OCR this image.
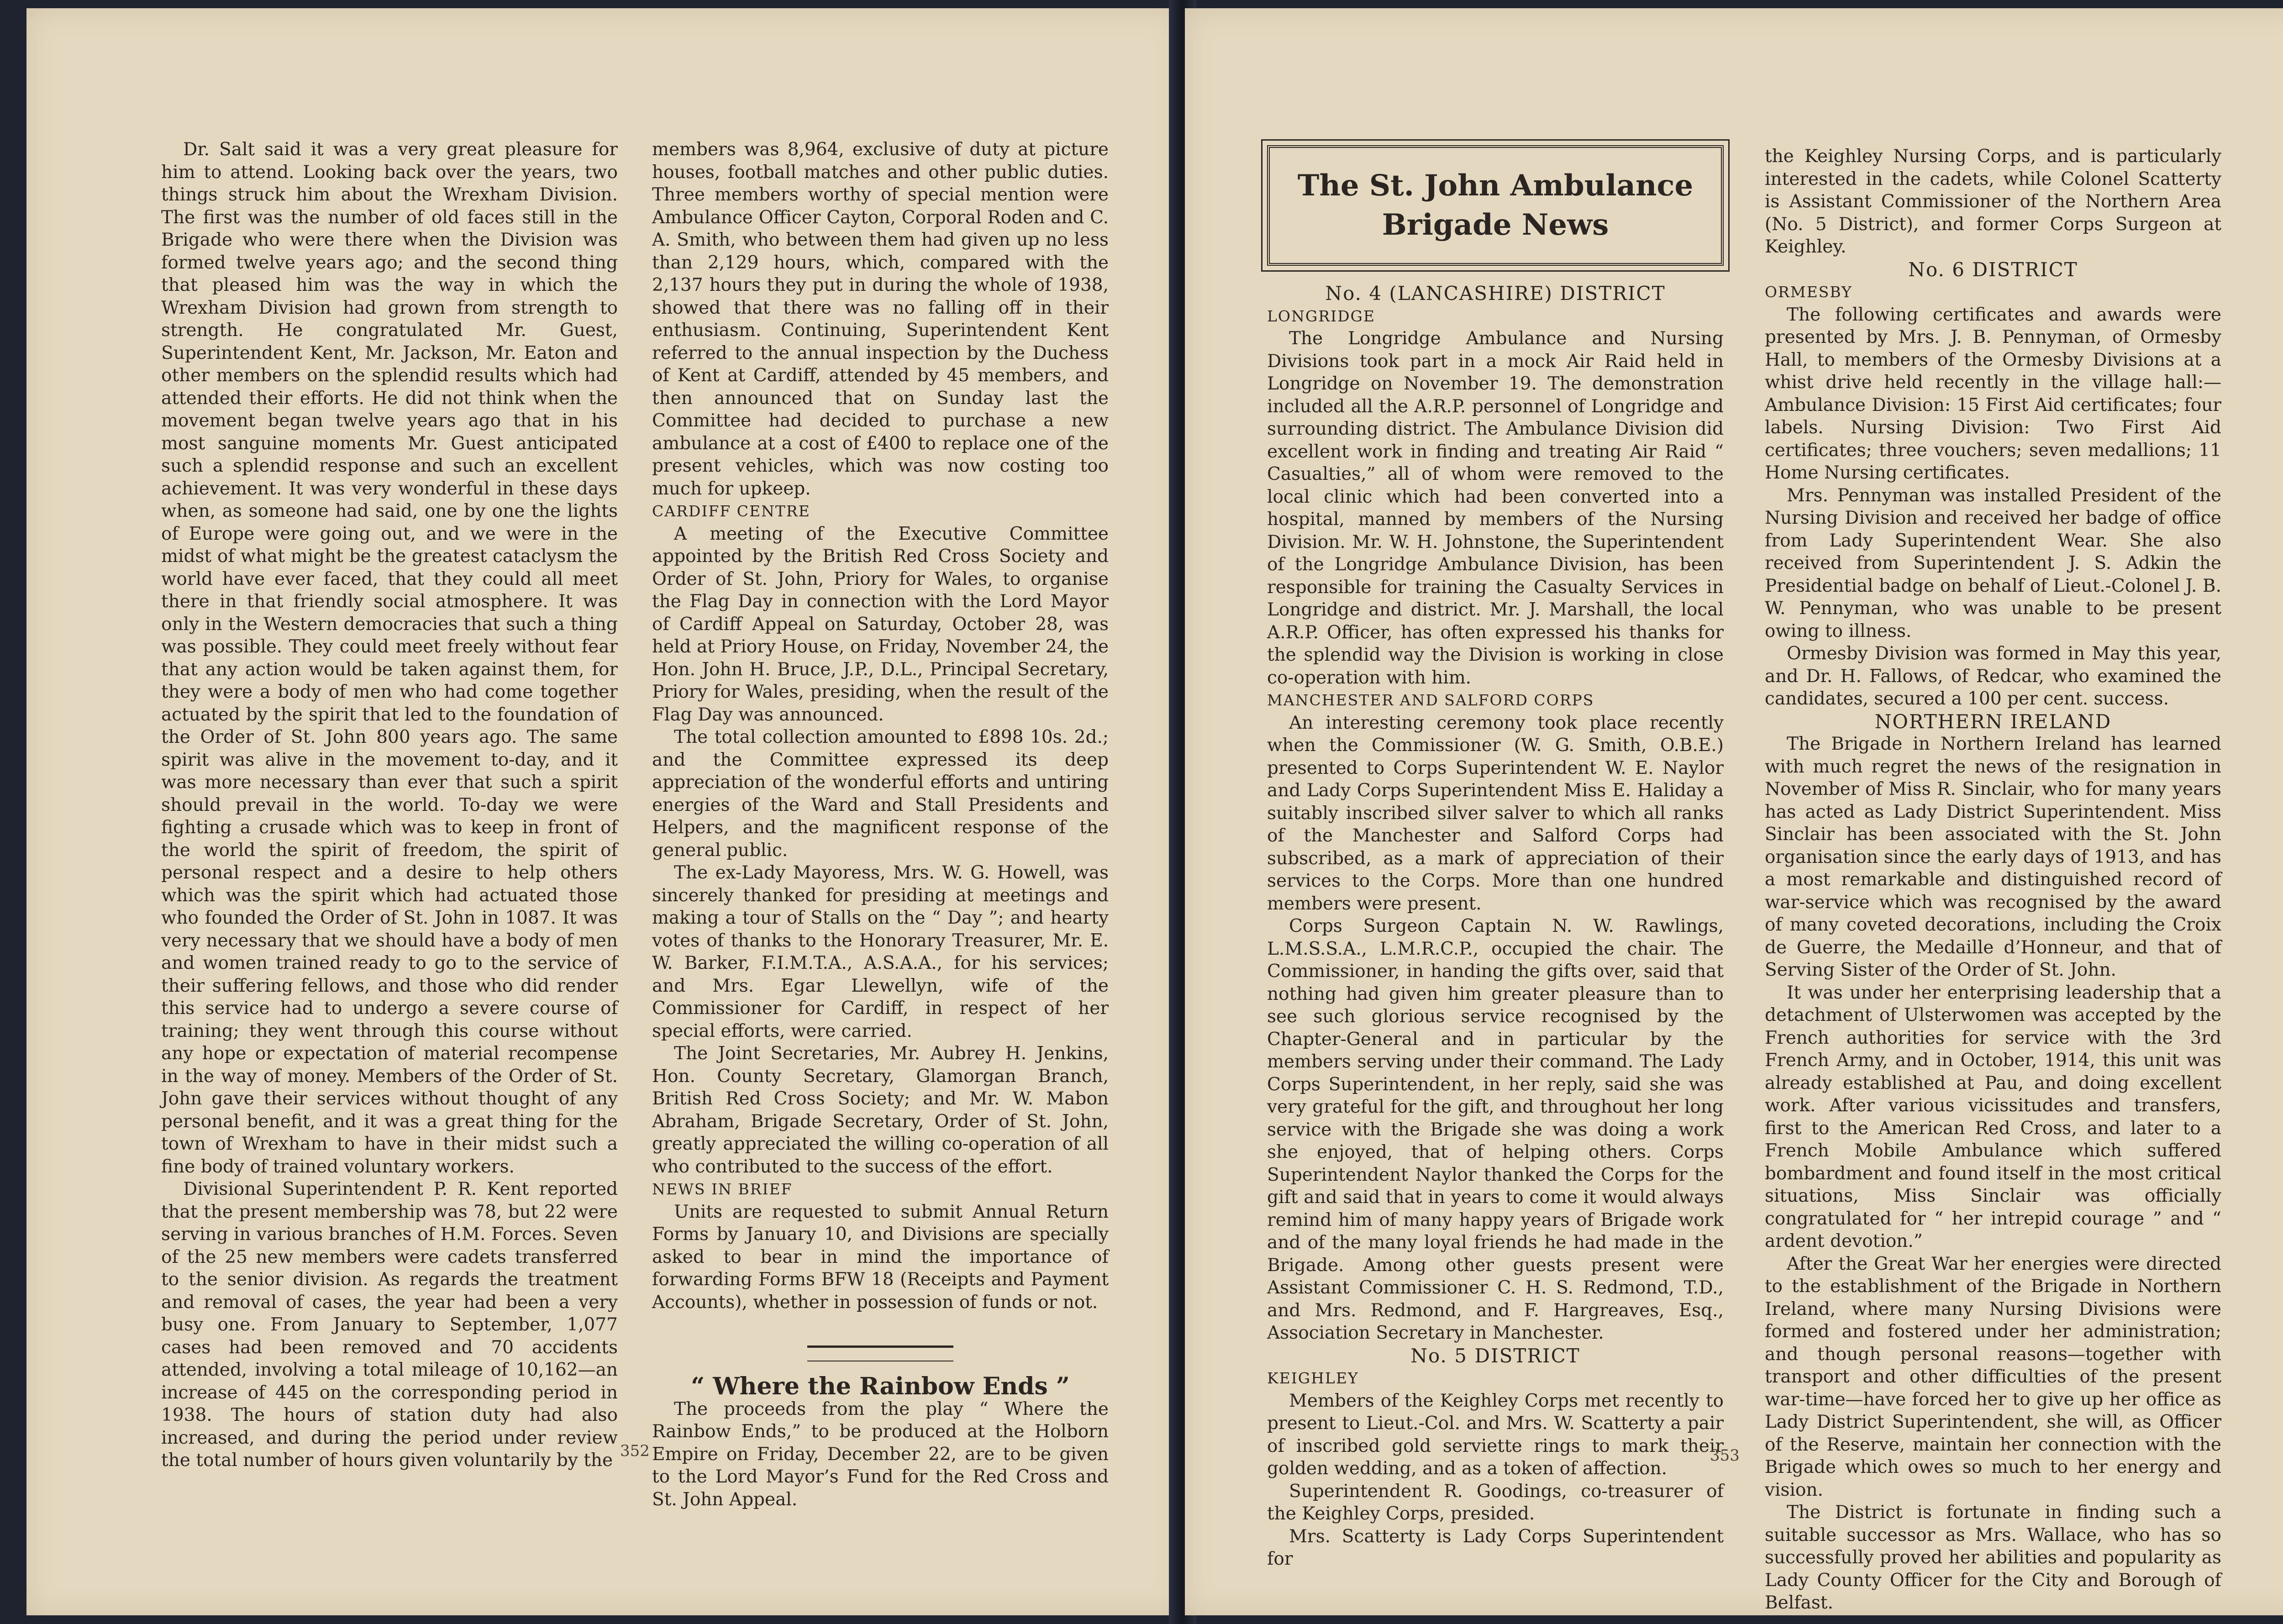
Dr. Salt said it was a very great pleasure for him to attend. Looking back over the years, two things struck him about the Wrexham Division. The first was the number of old faces still in the Brigade who were there when the Division was formed twelve years ago; and the second thing that pleased him was the way in which the Wrexham Division had grown from strength to strength. He congratulated Mr. Guest, Superintendent Kent, Mr. Jackson, Mr. Eaton and other members on the splendid results which had attended their efforts. He did not think when the movement began twelve years ago that in his most sanguine moments Mr. Guest anticipated such a splendid response and such an excellent achievement. It was very wonderful in these days when, as someone had said, one by one the lights of Europe were going out, and we were in the midst of what might be the greatest cataclysm the world have ever faced, that they could all meet there in that friendly social atmosphere. It was only in the Western democracies that such a thing was possible. They could meet freely without fear that any action would be taken against them, for they were a body of men who had come together actuated by the spirit that led to the foundation of the Order of St. John 800 years ago. The same spirit was alive in the movement to-day, and it was more necessary than ever that such a spirit should prevail in the world. To-day we were fighting a crusade which was to keep in front of the world the spirit of freedom, the spirit of personal respect and a desire to help others which was the spirit which had actuated those who founded the Order of St. John in 1087. It was very necessary that we should have a body of men and women trained ready to go to the service of their suffering fellows, and those who did render this service had to undergo a severe course of training; they went through this course without any hope or expectation of material recompense in the way of money. Members of the Order of St. John gave their services without thought of any personal benefit, and it was a great thing for the town of Wrexham to have in their midst such a fine body of trained voluntary workers.

Divisional Superintendent P. R. Kent reported that the present membership was 78, but 22 were serving in various branches of H.M. Forces. Seven of the 25 new members were cadets transferred to the senior division. As regards the treatment and removal of cases, the year had been a very busy one. From January to September, 1,077 cases had been removed and 70 accidents attended, involving a total mileage of 10,162—an increase of 445 on the corresponding period in 1938. The hours of station duty had also increased, and during the period under review the total number of hours given voluntarily by the

members was 8,964, exclusive of duty at picture houses, football matches and other public duties. Three members worthy of special mention were Ambulance Officer Cayton, Corporal Roden and C. A. Smith, who between them had given up no less than 2,129 hours, which, compared with the 2,137 hours they put in during the whole of 1938, showed that there was no falling off in their enthusiasm. Continuing, Superintendent Kent referred to the annual inspection by the Duchess of Kent at Cardiff, attended by 45 members, and then announced that on Sunday last the Committee had decided to purchase a new ambulance at a cost of £400 to replace one of the present vehicles, which was now costing too much for upkeep.

CARDIFF CENTRE

A meeting of the Executive Committee appointed by the British Red Cross Society and Order of St. John, Priory for Wales, to organise the Flag Day in connection with the Lord Mayor of Cardiff Appeal on Saturday, October 28, was held at Priory House, on Friday, November 24, the Hon. John H. Bruce, J.P., D.L., Principal Secretary, Priory for Wales, presiding, when the result of the Flag Day was announced.

The total collection amounted to £898 10s. 2d.; and the Committee expressed its deep appreciation of the wonderful efforts and untiring energies of the Ward and Stall Presidents and Helpers, and the magnificent response of the general public.

The ex-Lady Mayoress, Mrs. W. G. Howell, was sincerely thanked for presiding at meetings and making a tour of Stalls on the “ Day ”; and hearty votes of thanks to the Honorary Treasurer, Mr. E. W. Barker, F.I.M.T.A., A.S.A.A., for his services; and Mrs. Egar Llewellyn, wife of the Commissioner for Cardiff, in respect of her special efforts, were carried.

The Joint Secretaries, Mr. Aubrey H. Jenkins, Hon. County Secretary, Glamorgan Branch, British Red Cross Society; and Mr. W. Mabon Abraham, Brigade Secretary, Order of St. John, greatly appreciated the willing co-operation of all who contributed to the success of the effort.

NEWS IN BRIEF

Units are requested to submit Annual Return Forms by January 10, and Divisions are specially asked to bear in mind the importance of forwarding Forms BFW 18 (Receipts and Payment Accounts), whether in possession of funds or not.

“ Where the Rainbow Ends ”

The proceeds from the play “ Where the Rainbow Ends,” to be produced at the Holborn Empire on Friday, December 22, are to be given to the Lord Mayor’s Fund for the Red Cross and St. John Appeal.

352
The St. John Ambulance
Brigade News

No. 4 (LANCASHIRE) DISTRICT

LONGRIDGE

The Longridge Ambulance and Nursing Divisions took part in a mock Air Raid held in Longridge on November 19. The demonstration included all the A.R.P. personnel of Longridge and surrounding district. The Ambulance Division did excellent work in finding and treating Air Raid “ Casualties,” all of whom were removed to the local clinic which had been converted into a hospital, manned by members of the Nursing Division. Mr. W. H. Johnstone, the Superintendent of the Longridge Ambulance Division, has been responsible for training the Casualty Services in Longridge and district. Mr. J. Marshall, the local A.R.P. Officer, has often expressed his thanks for the splendid way the Division is working in close co-operation with him.

MANCHESTER AND SALFORD CORPS

An interesting ceremony took place recently when the Commissioner (W. G. Smith, O.B.E.) presented to Corps Superintendent W. E. Naylor and Lady Corps Superintendent Miss E. Haliday a suitably inscribed silver salver to which all ranks of the Manchester and Salford Corps had subscribed, as a mark of appreciation of their services to the Corps. More than one hundred members were present.

Corps Surgeon Captain N. W. Rawlings, L.M.S.S.A., L.M.R.C.P., occupied the chair. The Commissioner, in handing the gifts over, said that nothing had given him greater pleasure than to see such glorious service recognised by the Chapter-General and in particular by the members serving under their command. The Lady Corps Superintendent, in her reply, said she was very grateful for the gift, and throughout her long service with the Brigade she was doing a work she enjoyed, that of helping others. Corps Superintendent Naylor thanked the Corps for the gift and said that in years to come it would always remind him of many happy years of Brigade work and of the many loyal friends he had made in the Brigade. Among other guests present were Assistant Commissioner C. H. S. Redmond, T.D., and Mrs. Redmond, and F. Hargreaves, Esq., Association Secretary in Manchester.

No. 5 DISTRICT

KEIGHLEY

Members of the Keighley Corps met recently to present to Lieut.-Col. and Mrs. W. Scatterty a pair of inscribed gold serviette rings to mark their golden wedding, and as a token of affection.

Superintendent R. Goodings, co-treasurer of the Keighley Corps, presided.

Mrs. Scatterty is Lady Corps Superintendent for

the Keighley Nursing Corps, and is particularly interested in the cadets, while Colonel Scatterty is Assistant Commissioner of the Northern Area (No. 5 District), and former Corps Surgeon at Keighley.

No. 6 DISTRICT

ORMESBY

The following certificates and awards were presented by Mrs. J. B. Pennyman, of Ormesby Hall, to members of the Ormesby Divisions at a whist drive held recently in the village hall:—Ambulance Division: 15 First Aid certificates; four labels. Nursing Division: Two First Aid certificates; three vouchers; seven medallions; 11 Home Nursing certificates.

Mrs. Pennyman was installed President of the Nursing Division and received her badge of office from Lady Superintendent Wear. She also received from Superintendent J. S. Adkin the Presidential badge on behalf of Lieut.-Colonel J. B. W. Pennyman, who was unable to be present owing to illness.

Ormesby Division was formed in May this year, and Dr. H. Fallows, of Redcar, who examined the candidates, secured a 100 per cent. success.

NORTHERN IRELAND

The Brigade in Northern Ireland has learned with much regret the news of the resignation in November of Miss R. Sinclair, who for many years has acted as Lady District Superintendent. Miss Sinclair has been associated with the St. John organisation since the early days of 1913, and has a most remarkable and distinguished record of war-service which was recognised by the award of many coveted decorations, including the Croix de Guerre, the Medaille d’Honneur, and that of Serving Sister of the Order of St. John.

It was under her enterprising leadership that a detachment of Ulsterwomen was accepted by the French authorities for service with the 3rd French Army, and in October, 1914, this unit was already established at Pau, and doing excellent work. After various vicissitudes and transfers, first to the American Red Cross, and later to a French Mobile Ambulance which suffered bombardment and found itself in the most critical situations, Miss Sinclair was officially congratulated for “ her intrepid courage ” and “ ardent devotion.”

After the Great War her energies were directed to the establishment of the Brigade in Northern Ireland, where many Nursing Divisions were formed and fostered under her administration; and though personal reasons—together with transport and other difficulties of the present war-time—have forced her to give up her office as Lady District Superintendent, she will, as Officer of the Reserve, maintain her connection with the Brigade which owes so much to her energy and vision.

The District is fortunate in finding such a suitable successor as Mrs. Wallace, who has so successfully proved her abilities and popularity as Lady County Officer for the City and Borough of Belfast.

353
